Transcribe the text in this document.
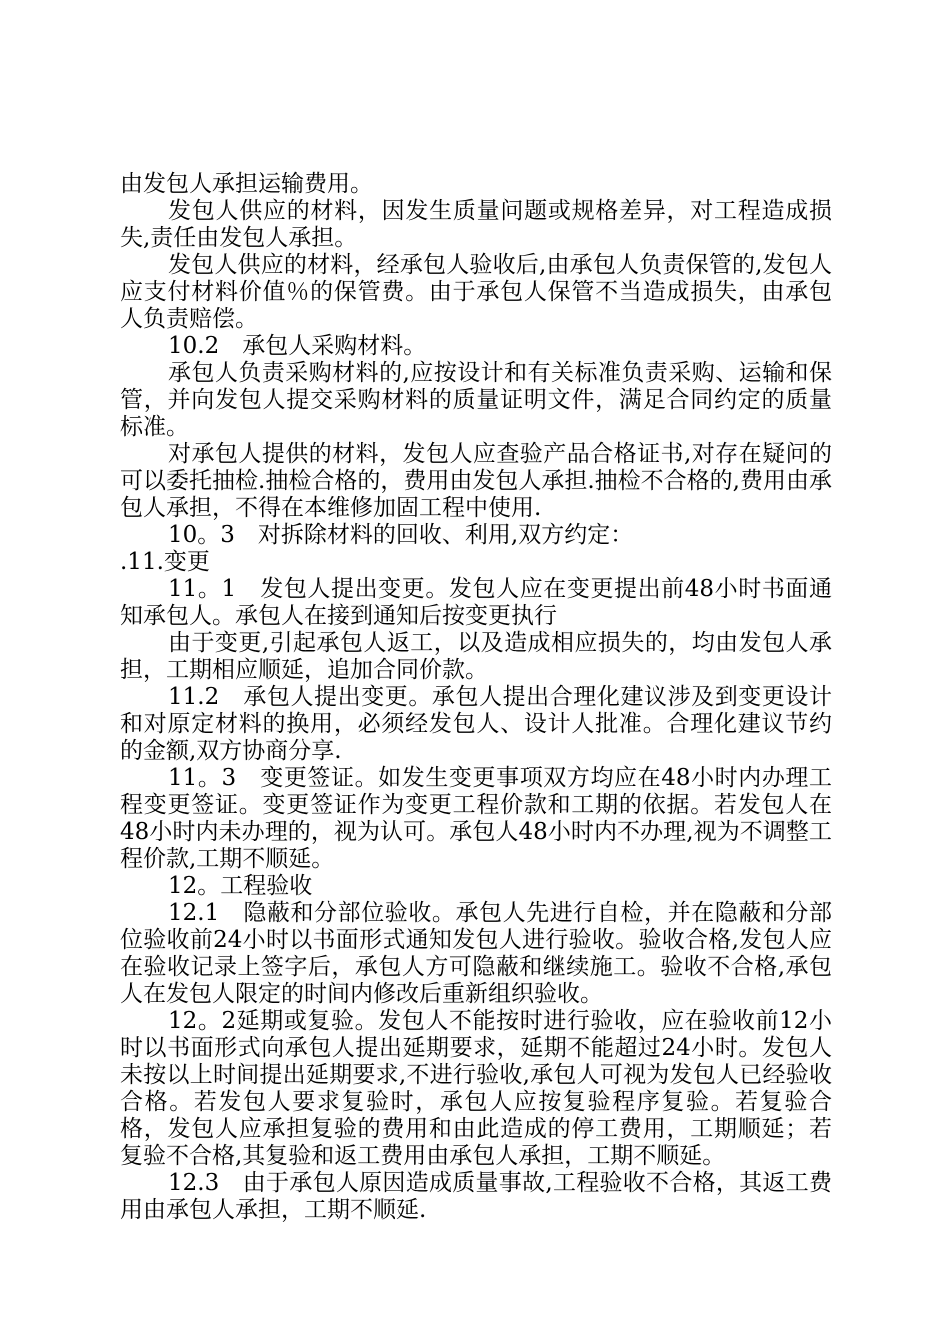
由发包人承担运输费用。

发包人供应的材料，因发生质量问题或规格差异，对工程造成损失,责任由发包人承担。

发包人供应的材料，经承包人验收后,由承包人负责保管的,发包人应支付材料价值％的保管费。由于承包人保管不当造成损失，由承包人负责赔偿。

10.2　承包人采购材料。

承包人负责采购材料的,应按设计和有关标准负责采购、运输和保管，并向发包人提交采购材料的质量证明文件，满足合同约定的质量标准。

对承包人提供的材料，发包人应查验产品合格证书,对存在疑问的可以委托抽检.抽检合格的，费用由发包人承担.抽检不合格的,费用由承包人承担，不得在本维修加固工程中使用.

10。3　对拆除材料的回收、利用,双方约定：

.11.变更

11。1　发包人提出变更。发包人应在变更提出前48小时书面通知承包人。承包人在接到通知后按变更执行

由于变更,引起承包人返工，以及造成相应损失的，均由发包人承担，工期相应顺延，追加合同价款。

11.2　承包人提出变更。承包人提出合理化建议涉及到变更设计和对原定材料的换用，必须经发包人、设计人批准。合理化建议节约的金额,双方协商分享.

11。3　变更签证。如发生变更事项双方均应在48小时内办理工程变更签证。变更签证作为变更工程价款和工期的依据。若发包人在48小时内未办理的，视为认可。承包人48小时内不办理,视为不调整工程价款,工期不顺延。

12。工程验收

12.1　隐蔽和分部位验收。承包人先进行自检，并在隐蔽和分部位验收前24小时以书面形式通知发包人进行验收。验收合格,发包人应在验收记录上签字后，承包人方可隐蔽和继续施工。验收不合格,承包人在发包人限定的时间内修改后重新组织验收。

12。2延期或复验。发包人不能按时进行验收，应在验收前12小时以书面形式向承包人提出延期要求，延期不能超过24小时。发包人未按以上时间提出延期要求,不进行验收,承包人可视为发包人已经验收合格。若发包人要求复验时，承包人应按复验程序复验。若复验合格，发包人应承担复验的费用和由此造成的停工费用，工期顺延；若复验不合格,其复验和返工费用由承包人承担，工期不顺延。

12.3　由于承包人原因造成质量事故,工程验收不合格，其返工费用由承包人承担，工期不顺延.
